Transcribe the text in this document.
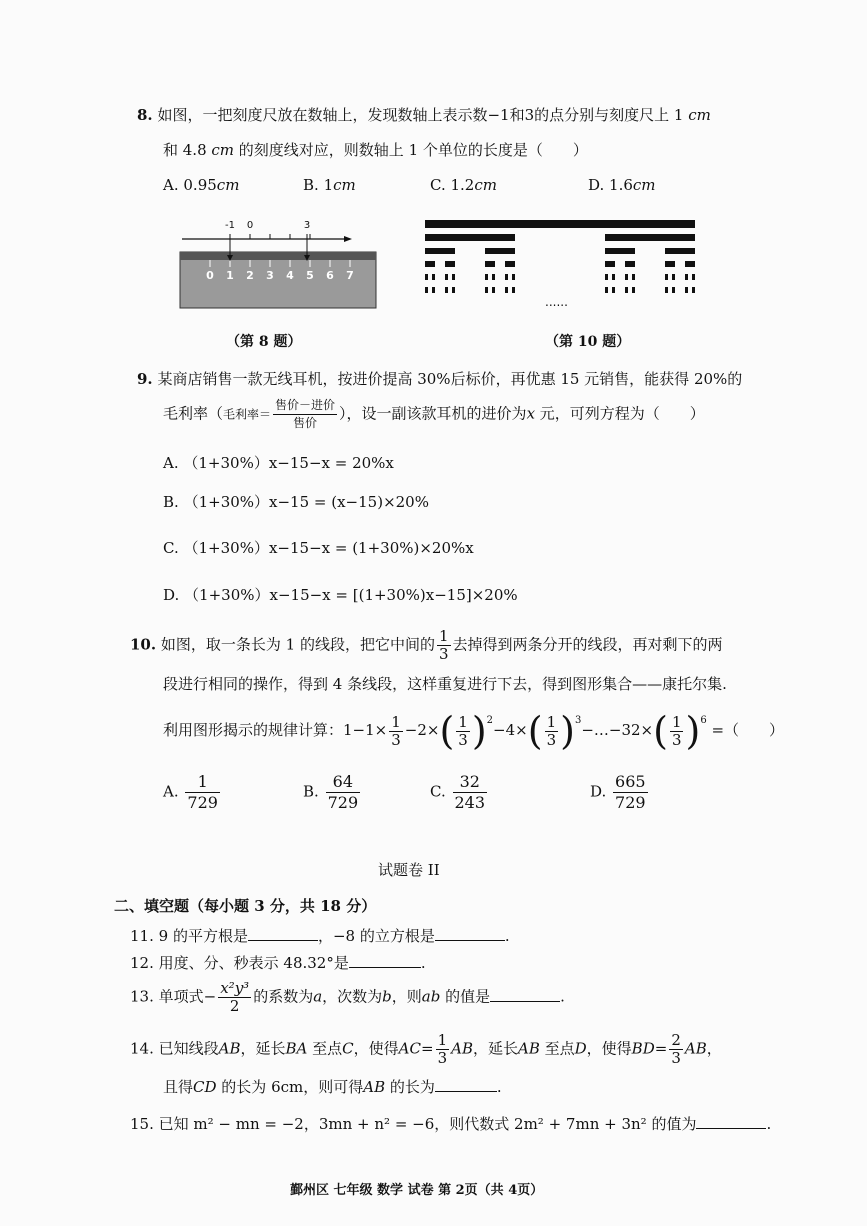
8. 如图，一把刻度尺放在数轴上，发现数轴上表示数−1和3的点分别与刻度尺上 1 cm
和 4.8 cm 的刻度线对应，则数轴上 1 个单位的长度是（　　）
A. 0.95cm	B. 1cm	C. 1.2cm	D. 1.6cm
0 1 2 3 4 5 6 7
-1 0	3
（第 8 题）
......
（第 10 题）
9. 某商店销售一款无线耳机，按进价提高 30%后标价，再优惠 15 元销售，能获得 20%的
毛利率（毛利率＝ $\frac{\text{售价－进价}}{\text{售价}}$ ），设一副该款耳机的进价为x 元，可列方程为（　　）
A. （1+30%）x−15−x = 20%x
B. （1+30%）x−15 = (x−15)×20%
C. （1+30%）x−15−x = (1+30%)×20%x
D. （1+30%）x−15−x = [(1+30%)x−15]×20%
10. 如图，取一条长为 1 的线段，把它中间的 $\frac{1}{3}$ 去掉得到两条分开的线段，再对剩下的两
段进行相同的操作，得到 4 条线段，这样重复进行下去，得到图形集合——康托尔集.
利用图形揭示的规律计算：$1-1\times \frac{1}{3} -2\times( \frac{1}{3} )^2-4\times( \frac{1}{3}$ )$^3-\dots-32\times( \frac{1}{3} )^6$ =（　　）
A. $\frac{1}{729}$	B. $\frac{64}{729}$	C. $\frac{32}{243}$	D. $\frac{665}{729}$
试题卷 II
二、填空题（每小题 3 分，共 18 分）
11. 9 的平方根是	，−8 的立方根是	.
12. 用度、分、秒表示 48.32°是	.
13. 单项式− $\frac{\text{x²y³}}{2}$ 的系数为a，次数为b，则ab 的值是	.
14. 已知线段AB，延长BA 至点C，使得$AC= \frac{1}{3}$ AB，延长AB 至点D，使得$BD= \frac{2}{3}$ AB，
且得CD 的长为 6cm，则可得AB 的长为	.
15. 已知 m² − mn = −2，3mn + n² = −6，则代数式 2m² + 7mn + 3n² 的值为	.
鄞州区 七年级 数学 试卷 第 2页（共 4页）
